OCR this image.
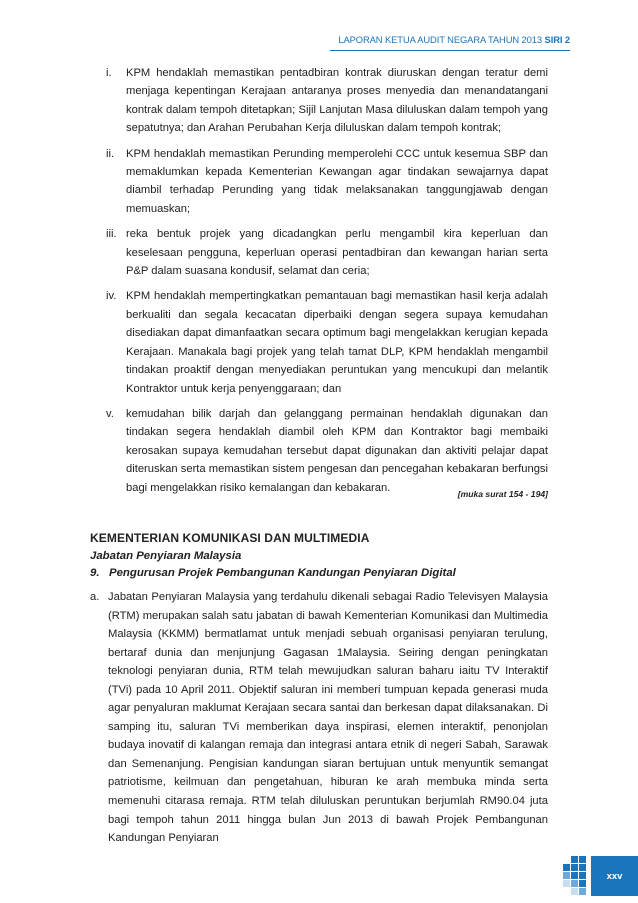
LAPORAN KETUA AUDIT NEGARA TAHUN 2013 SIRI 2
i. KPM hendaklah memastikan pentadbiran kontrak diuruskan dengan teratur demi menjaga kepentingan Kerajaan antaranya proses menyedia dan menandatangani kontrak dalam tempoh ditetapkan; Sijil Lanjutan Masa diluluskan dalam tempoh yang sepatutnya; dan Arahan Perubahan Kerja diluluskan dalam tempoh kontrak;
ii. KPM hendaklah memastikan Perunding memperolehi CCC untuk kesemua SBP dan memaklumkan kepada Kementerian Kewangan agar tindakan sewajarnya dapat diambil terhadap Perunding yang tidak melaksanakan tanggungjawab dengan memuaskan;
iii. reka bentuk projek yang dicadangkan perlu mengambil kira keperluan dan keselesaan pengguna, keperluan operasi pentadbiran dan kewangan harian serta P&P dalam suasana kondusif, selamat dan ceria;
iv. KPM hendaklah mempertingkatkan pemantauan bagi memastikan hasil kerja adalah berkualiti dan segala kecacatan diperbaiki dengan segera supaya kemudahan disediakan dapat dimanfaatkan secara optimum bagi mengelakkan kerugian kepada Kerajaan. Manakala bagi projek yang telah tamat DLP, KPM hendaklah mengambil tindakan proaktif dengan menyediakan peruntukan yang mencukupi dan melantik Kontraktor untuk kerja penyenggaraan; dan
v. kemudahan bilik darjah dan gelanggang permainan hendaklah digunakan dan tindakan segera hendaklah diambil oleh KPM dan Kontraktor bagi membaiki kerosakan supaya kemudahan tersebut dapat digunakan dan aktiviti pelajar dapat diteruskan serta memastikan sistem pengesan dan pencegahan kebakaran berfungsi bagi mengelakkan risiko kemalangan dan kebakaran.
[muka surat 154 - 194]
KEMENTERIAN KOMUNIKASI DAN MULTIMEDIA
Jabatan Penyiaran Malaysia
9. Pengurusan Projek Pembangunan Kandungan Penyiaran Digital
a. Jabatan Penyiaran Malaysia yang terdahulu dikenali sebagai Radio Televisyen Malaysia (RTM) merupakan salah satu jabatan di bawah Kementerian Komunikasi dan Multimedia Malaysia (KKMM) bermatlamat untuk menjadi sebuah organisasi penyiaran terulung, bertaraf dunia dan menjunjung Gagasan 1Malaysia. Seiring dengan peningkatan teknologi penyiaran dunia, RTM telah mewujudkan saluran baharu iaitu TV Interaktif (TVi) pada 10 April 2011. Objektif saluran ini memberi tumpuan kepada generasi muda agar penyaluran maklumat Kerajaan secara santai dan berkesan dapat dilaksanakan. Di samping itu, saluran TVi memberikan daya inspirasi, elemen interaktif, penonjolan budaya inovatif di kalangan remaja dan integrasi antara etnik di negeri Sabah, Sarawak dan Semenanjung. Pengisian kandungan siaran bertujuan untuk menyuntik semangat patriotisme, keilmuan dan pengetahuan, hiburan ke arah membuka minda serta memenuhi citarasa remaja. RTM telah diluluskan peruntukan berjumlah RM90.04 juta bagi tempoh tahun 2011 hingga bulan Jun 2013 di bawah Projek Pembangunan Kandungan Penyiaran
xxv
